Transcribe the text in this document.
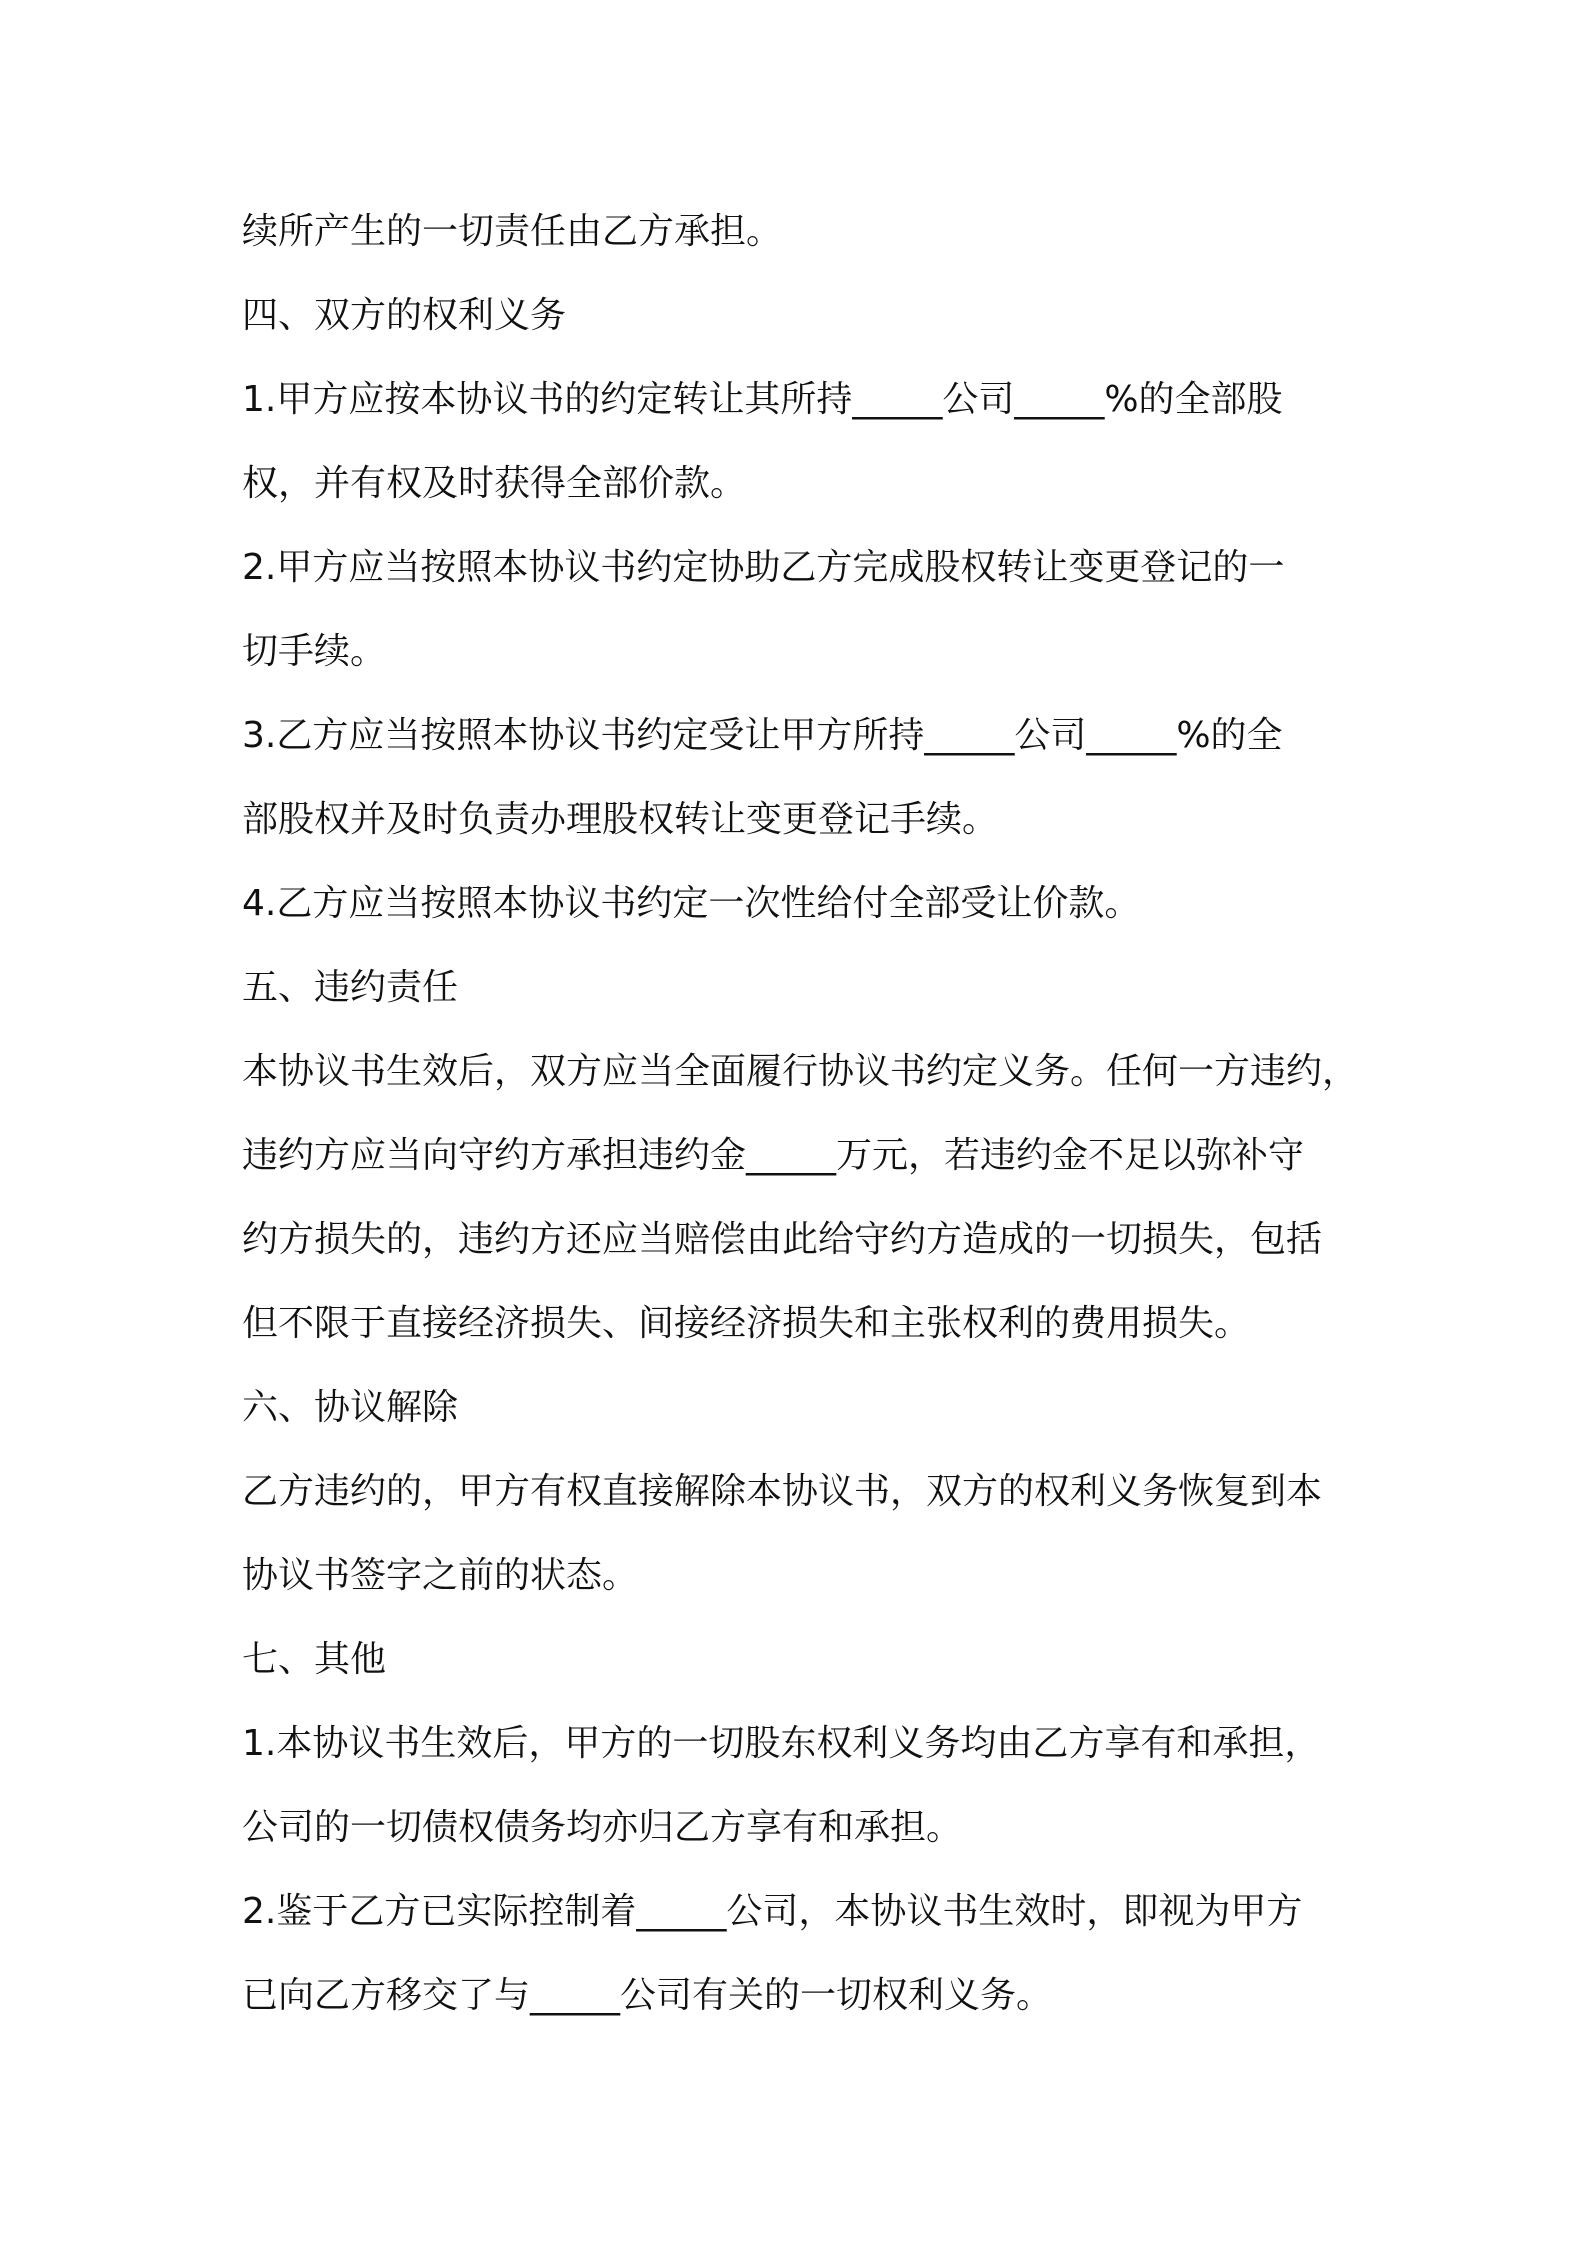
续所产生的一切责任由乙方承担。
四、双方的权利义务
1.甲方应按本协议书的约定转让其所持_____公司_____%的全部股
权，并有权及时获得全部价款。
2.甲方应当按照本协议书约定协助乙方完成股权转让变更登记的一
切手续。
3.乙方应当按照本协议书约定受让甲方所持_____公司_____%的全
部股权并及时负责办理股权转让变更登记手续。
4.乙方应当按照本协议书约定一次性给付全部受让价款。
五、违约责任
本协议书生效后，双方应当全面履行协议书约定义务。任何一方违约，
违约方应当向守约方承担违约金_____万元，若违约金不足以弥补守
约方损失的，违约方还应当赔偿由此给守约方造成的一切损失，包括
但不限于直接经济损失、间接经济损失和主张权利的费用损失。
六、协议解除
乙方违约的，甲方有权直接解除本协议书，双方的权利义务恢复到本
协议书签字之前的状态。
七、其他
1.本协议书生效后，甲方的一切股东权利义务均由乙方享有和承担，
公司的一切债权债务均亦归乙方享有和承担。
2.鉴于乙方已实际控制着_____公司，本协议书生效时，即视为甲方
已向乙方移交了与_____公司有关的一切权利义务。
